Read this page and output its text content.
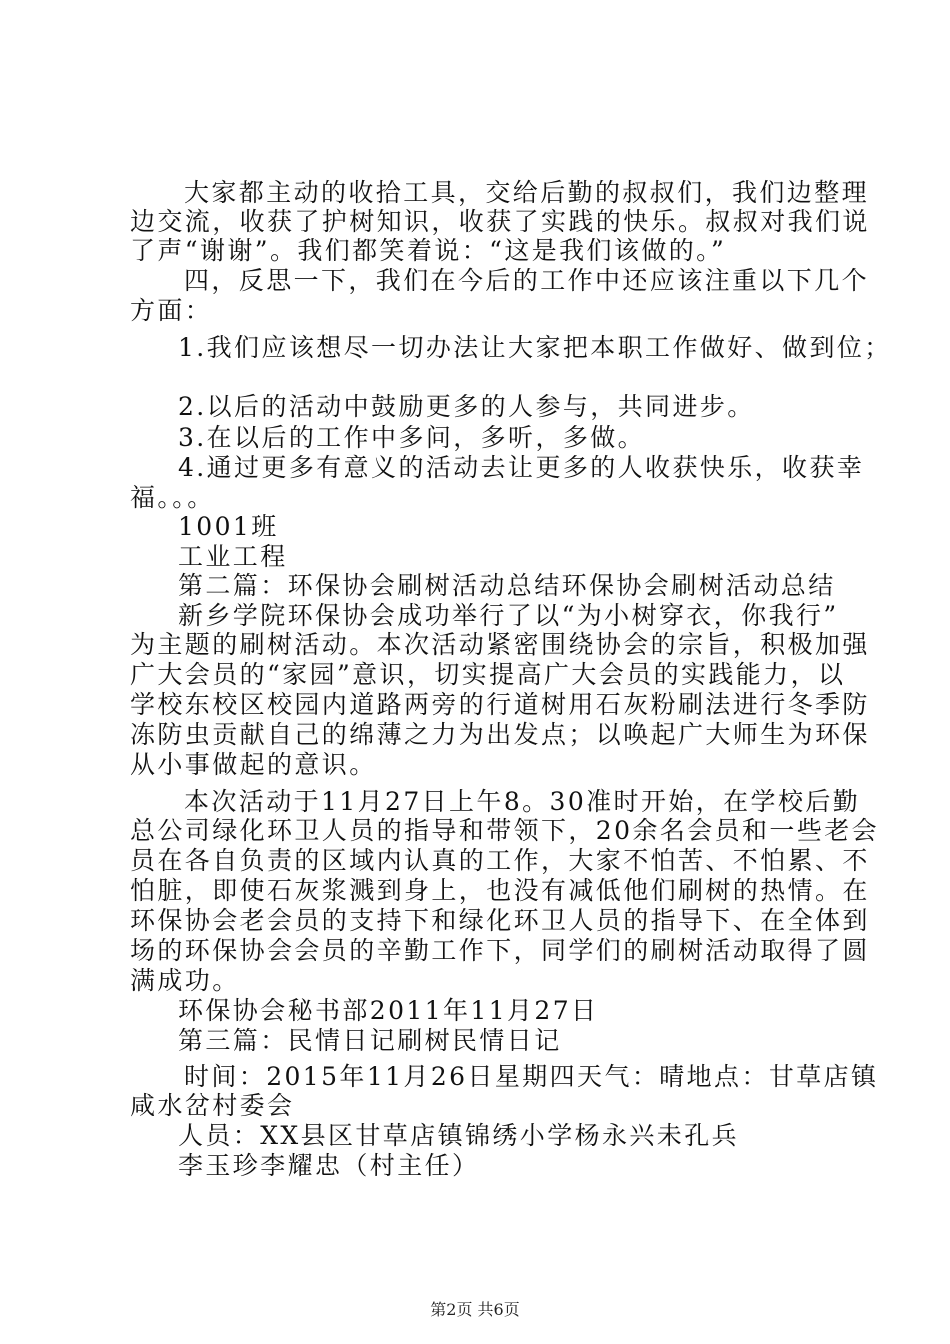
大家都主动的收拾工具，交给后勤的叔叔们，我们边整理
边交流，收获了护树知识，收获了实践的快乐。叔叔对我们说
了声“谢谢”。我们都笑着说：“这是我们该做的。”
四，反思一下，我们在今后的工作中还应该注重以下几个
方面：
1.我们应该想尽一切办法让大家把本职工作做好、做到位；
2.以后的活动中鼓励更多的人参与，共同进步。
3.在以后的工作中多问，多听，多做。
4.通过更多有意义的活动去让更多的人收获快乐，收获幸
福。。。
1001班
工业工程
第二篇：环保协会刷树活动总结环保协会刷树活动总结
新乡学院环保协会成功举行了以“为小树穿衣，你我行”
为主题的刷树活动。本次活动紧密围绕协会的宗旨，积极加强
广大会员的“家园”意识，切实提高广大会员的实践能力，以
学校东校区校园内道路两旁的行道树用石灰粉刷法进行冬季防
冻防虫贡献自己的绵薄之力为出发点；以唤起广大师生为环保
从小事做起的意识。
本次活动于11月27日上午8。30准时开始，在学校后勤
总公司绿化环卫人员的指导和带领下，20余名会员和一些老会
员在各自负责的区域内认真的工作，大家不怕苦、不怕累、不
怕脏，即使石灰浆溅到身上，也没有减低他们刷树的热情。在
环保协会老会员的支持下和绿化环卫人员的指导下、在全体到
场的环保协会会员的辛勤工作下，同学们的刷树活动取得了圆
满成功。
环保协会秘书部2011年11月27日
第三篇：民情日记刷树民情日记
时间：2015年11月26日星期四天气：晴地点：甘草店镇
咸水岔村委会
人员：XX县区甘草店镇锦绣小学杨永兴未孔兵
李玉珍李耀忠（村主任）
第2页 共6页
